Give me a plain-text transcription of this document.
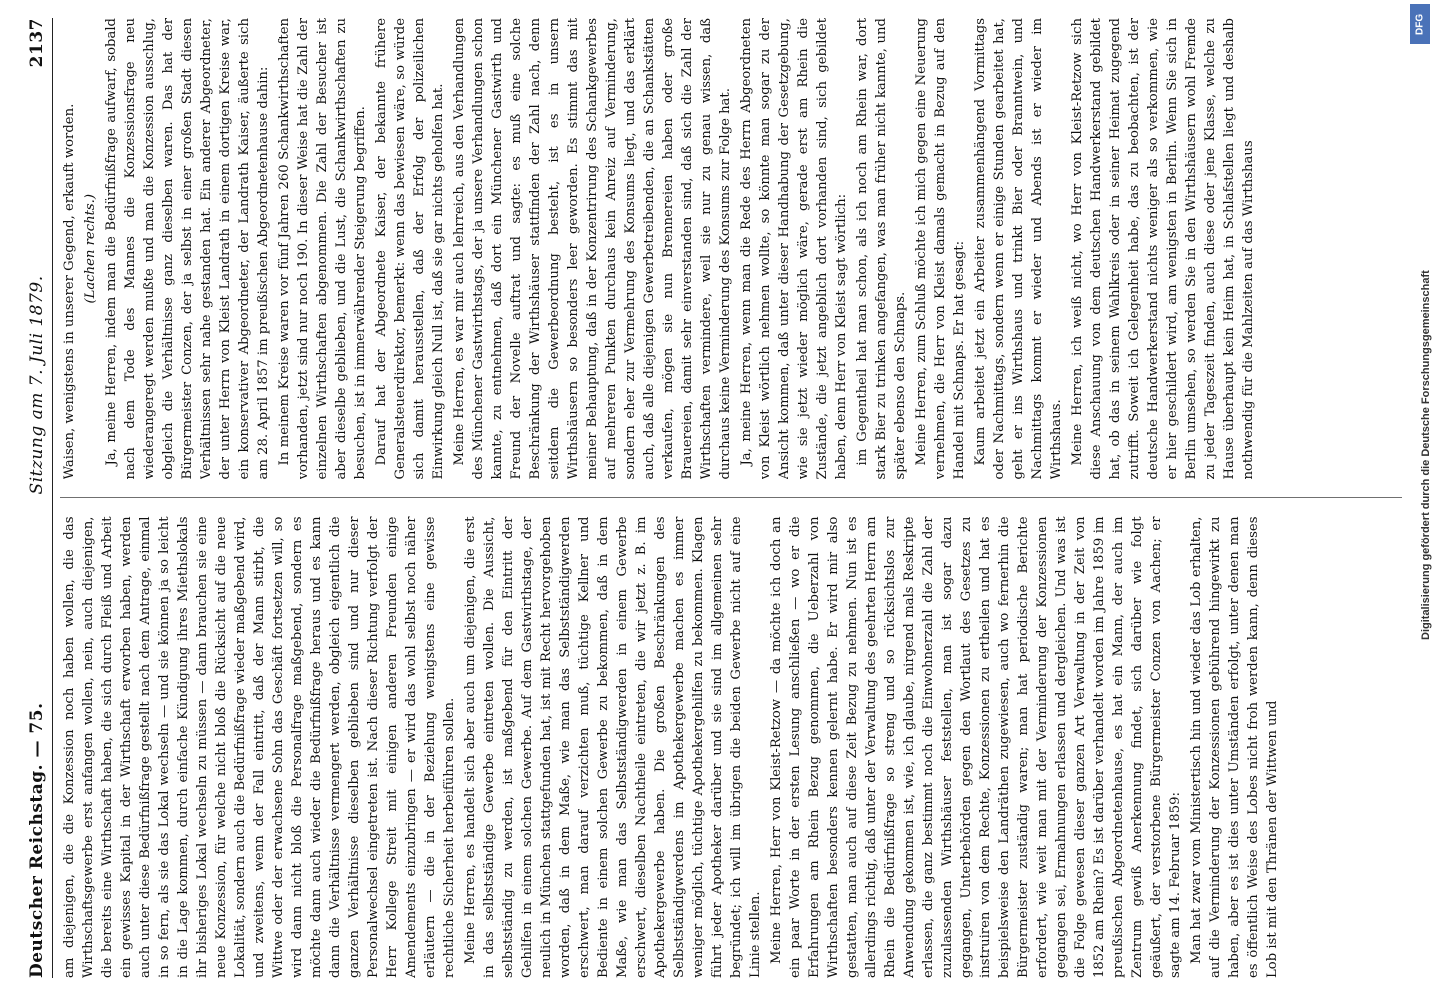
Deutscher Reichstag. — 75.
Sitzung am 7. Juli 1879.
2137

am diejenigen, die die Konzession noch haben wollen, die das Wirthschaftsgewerbe erst anfangen wollen, nein, auch diejenigen, die bereits eine Wirthschaft haben, die sich durch Fleiß und Arbeit ein gewisses Kapital in der Wirthschaft erworben haben, werden auch unter diese Bedürfnißfrage gestellt nach dem Antrage, einmal in so fern, als sie das Lokal wechseln — und sie können ja so leicht in die Lage kommen, durch einfache Kündigung ihres Miethslokals ihr bisheriges Lokal wechseln zu müssen — dann brauchen sie eine neue Konzession, für welche nicht bloß die Rücksicht auf die neue Lokalität, sondern auch die Bedürfnißfrage wieder maßgebend wird, und zweitens, wenn der Fall eintritt, daß der Mann stirbt, die Wittwe oder der erwachsene Sohn das Geschäft fortsetzen will, so wird dann nicht bloß die Personalfrage maßgebend, sondern es möchte dann auch wieder die Bedürfnißfrage heraus und es kann dann die Verhältnisse vermengert werden, obgleich eigentlich die ganzen Verhältnisse dieselben geblieben sind und nur dieser Personalwechsel eingetreten ist. Nach dieser Richtung verfolgt der Herr Kollege Streit mit einigen anderen Freunden einige Amendements einzubringen — er wird das wohl selbst noch näher erläutern — die in der Beziehung wenigstens eine gewisse rechtliche Sicherheit herbeiführen sollen. Meine Herren, es handelt sich aber auch um diejenigen, die erst in das selbstständige Gewerbe eintreten wollen. Die Aussicht, selbstständig zu werden, ist maßgebend für den Eintritt der Gehilfen in einem solchen Gewerbe. Auf dem Gastwirthstage, der neulich in München stattgefunden hat, ist mit Recht hervorgehoben worden, daß in dem Maße, wie man das Selbstständigwerden erschwert, man darauf verzichten muß, tüchtige Kellner und Bediente in einem solchen Gewerbe zu bekommen, daß in dem Maße, wie man das Selbstständigwerden in einem Gewerbe erschwert, dieselben Nachtheile eintreten, die wir jetzt z. B. im Apothekergewerbe haben. Die großen Beschränkungen des Selbstständigwerdens im Apothekergewerbe machen es immer weniger möglich, tüchtige Apothekergehilfen zu bekommen. Klagen führt jeder Apotheker darüber und sie sind im allgemeinen sehr begründet; ich will im übrigen die beiden Gewerbe nicht auf eine Linie stellen. Meine Herren, Herr von Kleist-Retzow — da möchte ich doch an ein paar Worte in der ersten Lesung anschließen — wo er die Erfahrungen am Rhein Bezug genommen, die Ueberzahl von Wirthschaften besonders kennen gelernt habe. Er wird mir also gestatten, man auch auf diese Zeit Bezug zu nehmen. Nun ist es allerdings richtig, daß unter der Verwaltung des geehrten Herrn am Rhein die Bedürfnißfrage so streng und so rücksichtslos zur Anwendung gekommen ist, wie, ich glaube, nirgend mals Reskripte erlassen, die ganz bestimmt noch die Einwohnerzahl die Zahl der zuzulassenden Wirthshäuser feststellen, man ist sogar dazu gegangen, Unterbehörden gegen den Wortlaut des Gesetzes zu instruiren von dem Rechte, Konzessionen zu ertheilen und hat es beispielsweise den Landräthen zugewiesen, auch wo fernerhin die Bürgermeister zuständig waren; man hat periodische Berichte erfordert, wie weit man mit der Verminderung der Konzessionen gegangen sei, Ermahnungen erlassen und dergleichen. Und was ist die Folge gewesen dieser ganzen Art Verwaltung in der Zeit von 1852 am Rhein? Es ist darüber verhandelt worden im Jahre 1859 im preußischen Abgeordnetenhause, es hat ein Mann, der auch im Zentrum gewiß Anerkennung findet, sich darüber wie folgt geäußert, der verstorbene Bürgermeister Conzen von Aachen; er sagte am 14. Februar 1859: Man hat zwar vom Ministertisch hin und wieder das Lob erhalten, auf die Verminderung der Konzessionen gebührend hingewirkt zu haben, aber es ist dies unter Umständen erfolgt, unter denen man es öffentlich Weise des Lobes nicht froh werden kann, denn dieses Lob ist mit den Thränen der Wittwen und

Waisen, wenigstens in unserer Gegend, erkauft worden. (Lachen rechts.) Ja, meine Herren, indem man die Bedürfnißfrage aufwarf, sobald nach dem Tode des Mannes die Konzessionsfrage neu wiederangeregt werden mußte und man die Konzession ausschlug, obgleich die Verhältnisse ganz dieselben waren. Das hat der Bürgermeister Conzen, der ja selbst in einer großen Stadt diesen Verhältnissen sehr nahe gestanden hat. Ein anderer Abgeordneter, der unter Herrn von Kleist Landrath in einem dortigen Kreise war, ein konservativer Abgeordneter, der Landrath Kaiser, äußerte sich am 28. April 1857 im preußischen Abgeordnetenhause dahin: In meinem Kreise waren vor fünf Jahren 260 Schankwirthschaften vorhanden, jetzt sind nur noch 190. In dieser Weise hat die Zahl der einzelnen Wirthschaften abgenommen. Die Zahl der Besucher ist aber dieselbe geblieben, und die Lust, die Schankwirthschaften zu besuchen, ist in immerwährender Steigerung begriffen. Darauf hat der Abgeordnete Kaiser, der bekannte frühere Generalsteuerdirektor, bemerkt: wenn das bewiesen wäre, so würde sich damit herausstellen, daß der Erfolg der polizeilichen Einwirkung gleich Null ist, daß sie gar nichts geholfen hat. Meine Herren, es war mir auch lehrreich, aus den Verhandlungen des Münchener Gastwirthstags, der ja unsere Verhandlungen schon kannte, zu entnehmen, daß dort ein Münchener Gastwirth und Freund der Novelle auftrat und sagte: es muß eine solche Beschränkung der Wirthshäuser stattfinden der Zahl nach, denn seitdem die Gewerbeordnung besteht, ist es in unsern Wirthshäusern so besonders leer geworden. Es stimmt das mit meiner Behauptung, daß in der Konzentrirung des Schankgewerbes auf mehreren Punkten durchaus kein Anreiz auf Verminderung, sondern eher zur Vermehrung des Konsums liegt, und das erklärt auch, daß alle diejenigen Gewerbetreibenden, die an Schankstätten verkaufen, mögen sie nun Brennereien haben oder große Brauereien, damit sehr einverstanden sind, daß sich die Zahl der Wirthschaften vermindere, weil sie nur zu genau wissen, daß durchaus keine Verminderung des Konsums zur Folge hat. Ja, meine Herren, wenn man die Rede des Herrn Abgeordneten von Kleist wörtlich nehmen wollte, so könnte man sogar zu der Ansicht kommen, daß unter dieser Handhabung der Gesetzgebung, wie sie jetzt wieder möglich wäre, gerade erst am Rhein die Zustände, die jetzt angeblich dort vorhanden sind, sich gebildet haben, denn Herr von Kleist sagt wörtlich: im Gegentheil hat man schon, als ich noch am Rhein war, dort stark Bier zu trinken angefangen, was man früher nicht kannte, und später ebenso den Schnaps. Meine Herren, zum Schluß möchte ich mich gegen eine Neuerung vernehmen, die Herr von Kleist damals gemacht in Bezug auf den Handel mit Schnaps. Er hat gesagt: Kaum arbeitet jetzt ein Arbeiter zusammenhängend Vormittags oder Nachmittags, sondern wenn er einige Stunden gearbeitet hat, geht er ins Wirthshaus und trinkt Bier oder Branntwein, und Nachmittags kommt er wieder und Abends ist er wieder im Wirthshaus. Meine Herren, ich weiß nicht, wo Herr von Kleist-Retzow sich diese Anschauung von dem deutschen Handwerkerstand gebildet hat, ob das in seinem Wahlkreis oder in seiner Heimat zugegend zutrifft. Soweit ich Gelegenheit habe, das zu beobachten, ist der deutsche Handwerkerstand nichts weniger als so verkommen, wie er hier geschildert wird, am wenigsten in Berlin. Wenn Sie sich in Berlin umsehen, so werden Sie in den Wirthshäusern wohl Fremde zu jeder Tageszeit finden, auch diese oder jene Klasse, welche zu Hause überhaupt kein Heim hat, in Schlafstellen liegt und deshalb nothwendig für die Mahlzeiten auf das Wirthshaus	Digitalisierung gefördert durch die Deutsche Forschungsgemeinschaft
DFG
